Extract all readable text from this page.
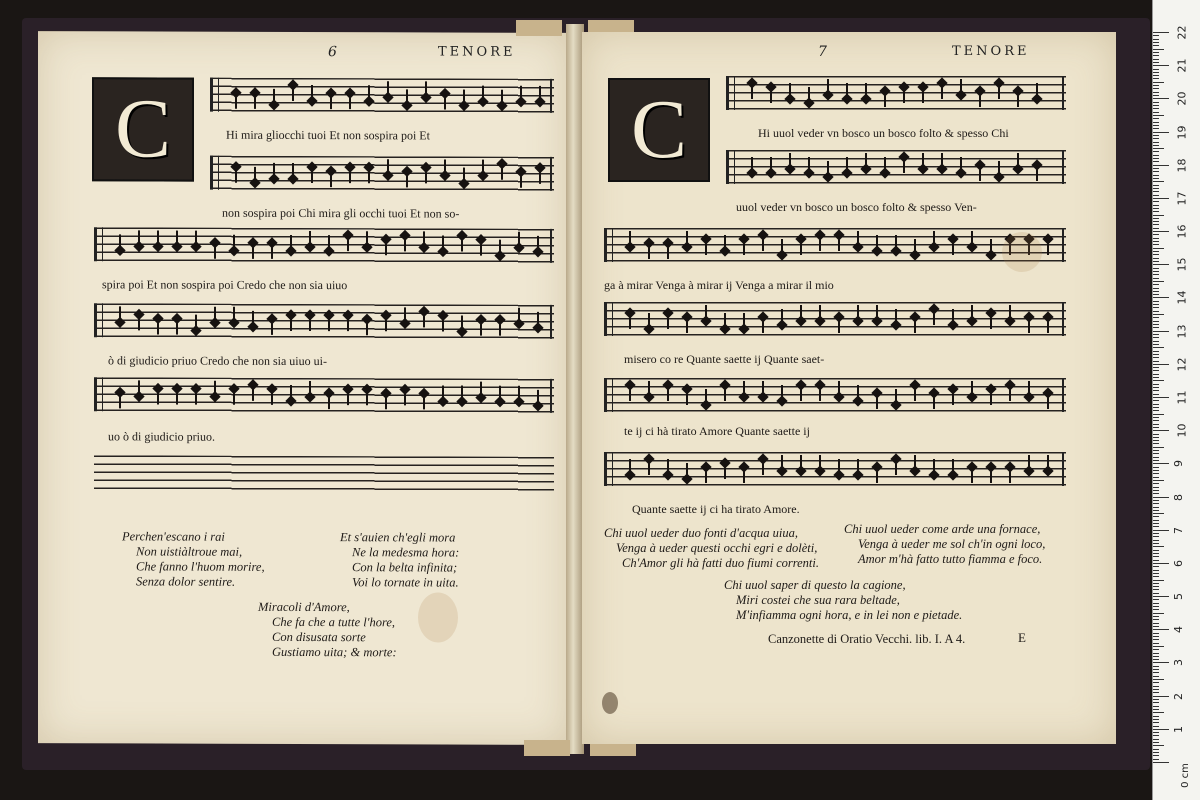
6	TENORE
C	Hi mira gliocchi tuoi Et non sospira poi Et
non sospira poi Chi mira gli occhi tuoi Et non so-
spira poi Et non sospira poi Credo che non sia uiuo
ò di giudicio priuo Credo che non sia uiuo ui-
uo ò di giudicio priuo.
Perchen'escano i rai
Non uistiàltroue mai,
Che fanno l'huom morire,
Senza dolor sentire.
Et s'auien ch'egli mora
Ne la medesma hora:
Con la belta infinita;
Voi lo tornate in uita.
Miracoli d'Amore,
Che fa che a tutte l'hore,
Con disusata sorte
Gustiamo uita; & morte:
7	TENORE
C	Hi uuol veder vn bosco un bosco folto & spesso Chi
uuol veder vn bosco un bosco folto & spesso Ven-
ga à mirar Venga à mirar ij Venga a mirar il mio
misero co re Quante saette ij Quante saet-
te ij ci hà tirato Amore Quante saette ij
Quante saette ij ci ha tirato Amore.
Chi uuol ueder duo fonti d'acqua uiua,
Venga à ueder questi occhi egri e dolèti,
Ch'Amor gli hà fatti duo fiumi correnti.
Chi uuol ueder come arde una fornace,
Venga à ueder me sol ch'in ogni loco,
Amor m'hà fatto tutto fiamma e foco.
Chi uuol saper di questo la cagione,
Miri costei che sua rara beltade,
M'infiamma ogni hora, e in lei non e pietade.
Canzonette di Oratio Vecchi. lib. I. A 4.	E
0 cm
1
2
3
4
5
6
7
8
9
10
11
12
13
14
15
16
17
18
19
20
21
22
